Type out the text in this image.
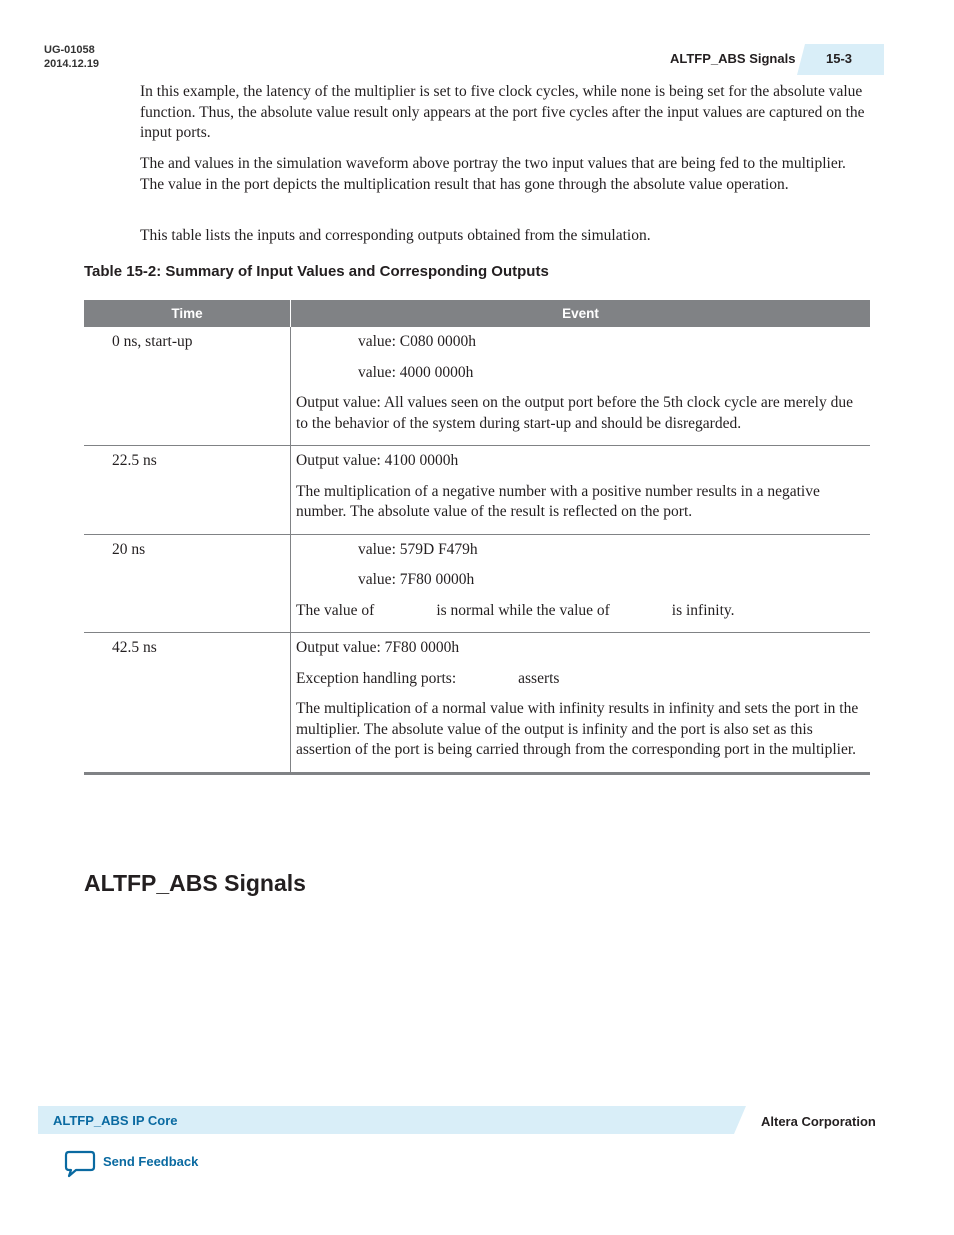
UG-01058
2014.12.19	ALTFP_ABS Signals 15-3

In this example, the latency of the multiplier is set to five clock cycles, while none is being set for the absolute value function. Thus, the absolute value result only appears at the port five cycles after the input values are captured on the input ports.

The and values in the simulation waveform above portray the two input values that are being fed to the multiplier. The value in the port depicts the multiplication result that has gone through the absolute value operation.

This table lists the inputs and corresponding outputs obtained from the simulation.

Table 15-2: Summary of Input Values and Corresponding Outputs

Time	Event
0 ns, start-up	value: C080 0000h

value: 4000 0000h

Output value: All values seen on the output port before the 5th clock cycle are merely due to the behavior of the system during start-up and should be disregarded.

22.5 ns	Output value: 4100 0000h

The multiplication of a negative number with a positive number results in a negative number. The absolute value of the result is reflected on the port.

20 ns	value: 579D F479h

value: 7F80 0000h

The value of                is normal while the value of                is infinity.

42.5 ns	Output value: 7F80 0000h

Exception handling ports:                asserts

The multiplication of a normal value with infinity results in infinity and sets the port in the multiplier. The absolute value of the output is infinity and the port is also set as this assertion of the port is being carried through from the corresponding port in the multiplier.

ALTFP_ABS Signals
ALTFP_ABS IP Core	Altera Corporation
Send Feedback
